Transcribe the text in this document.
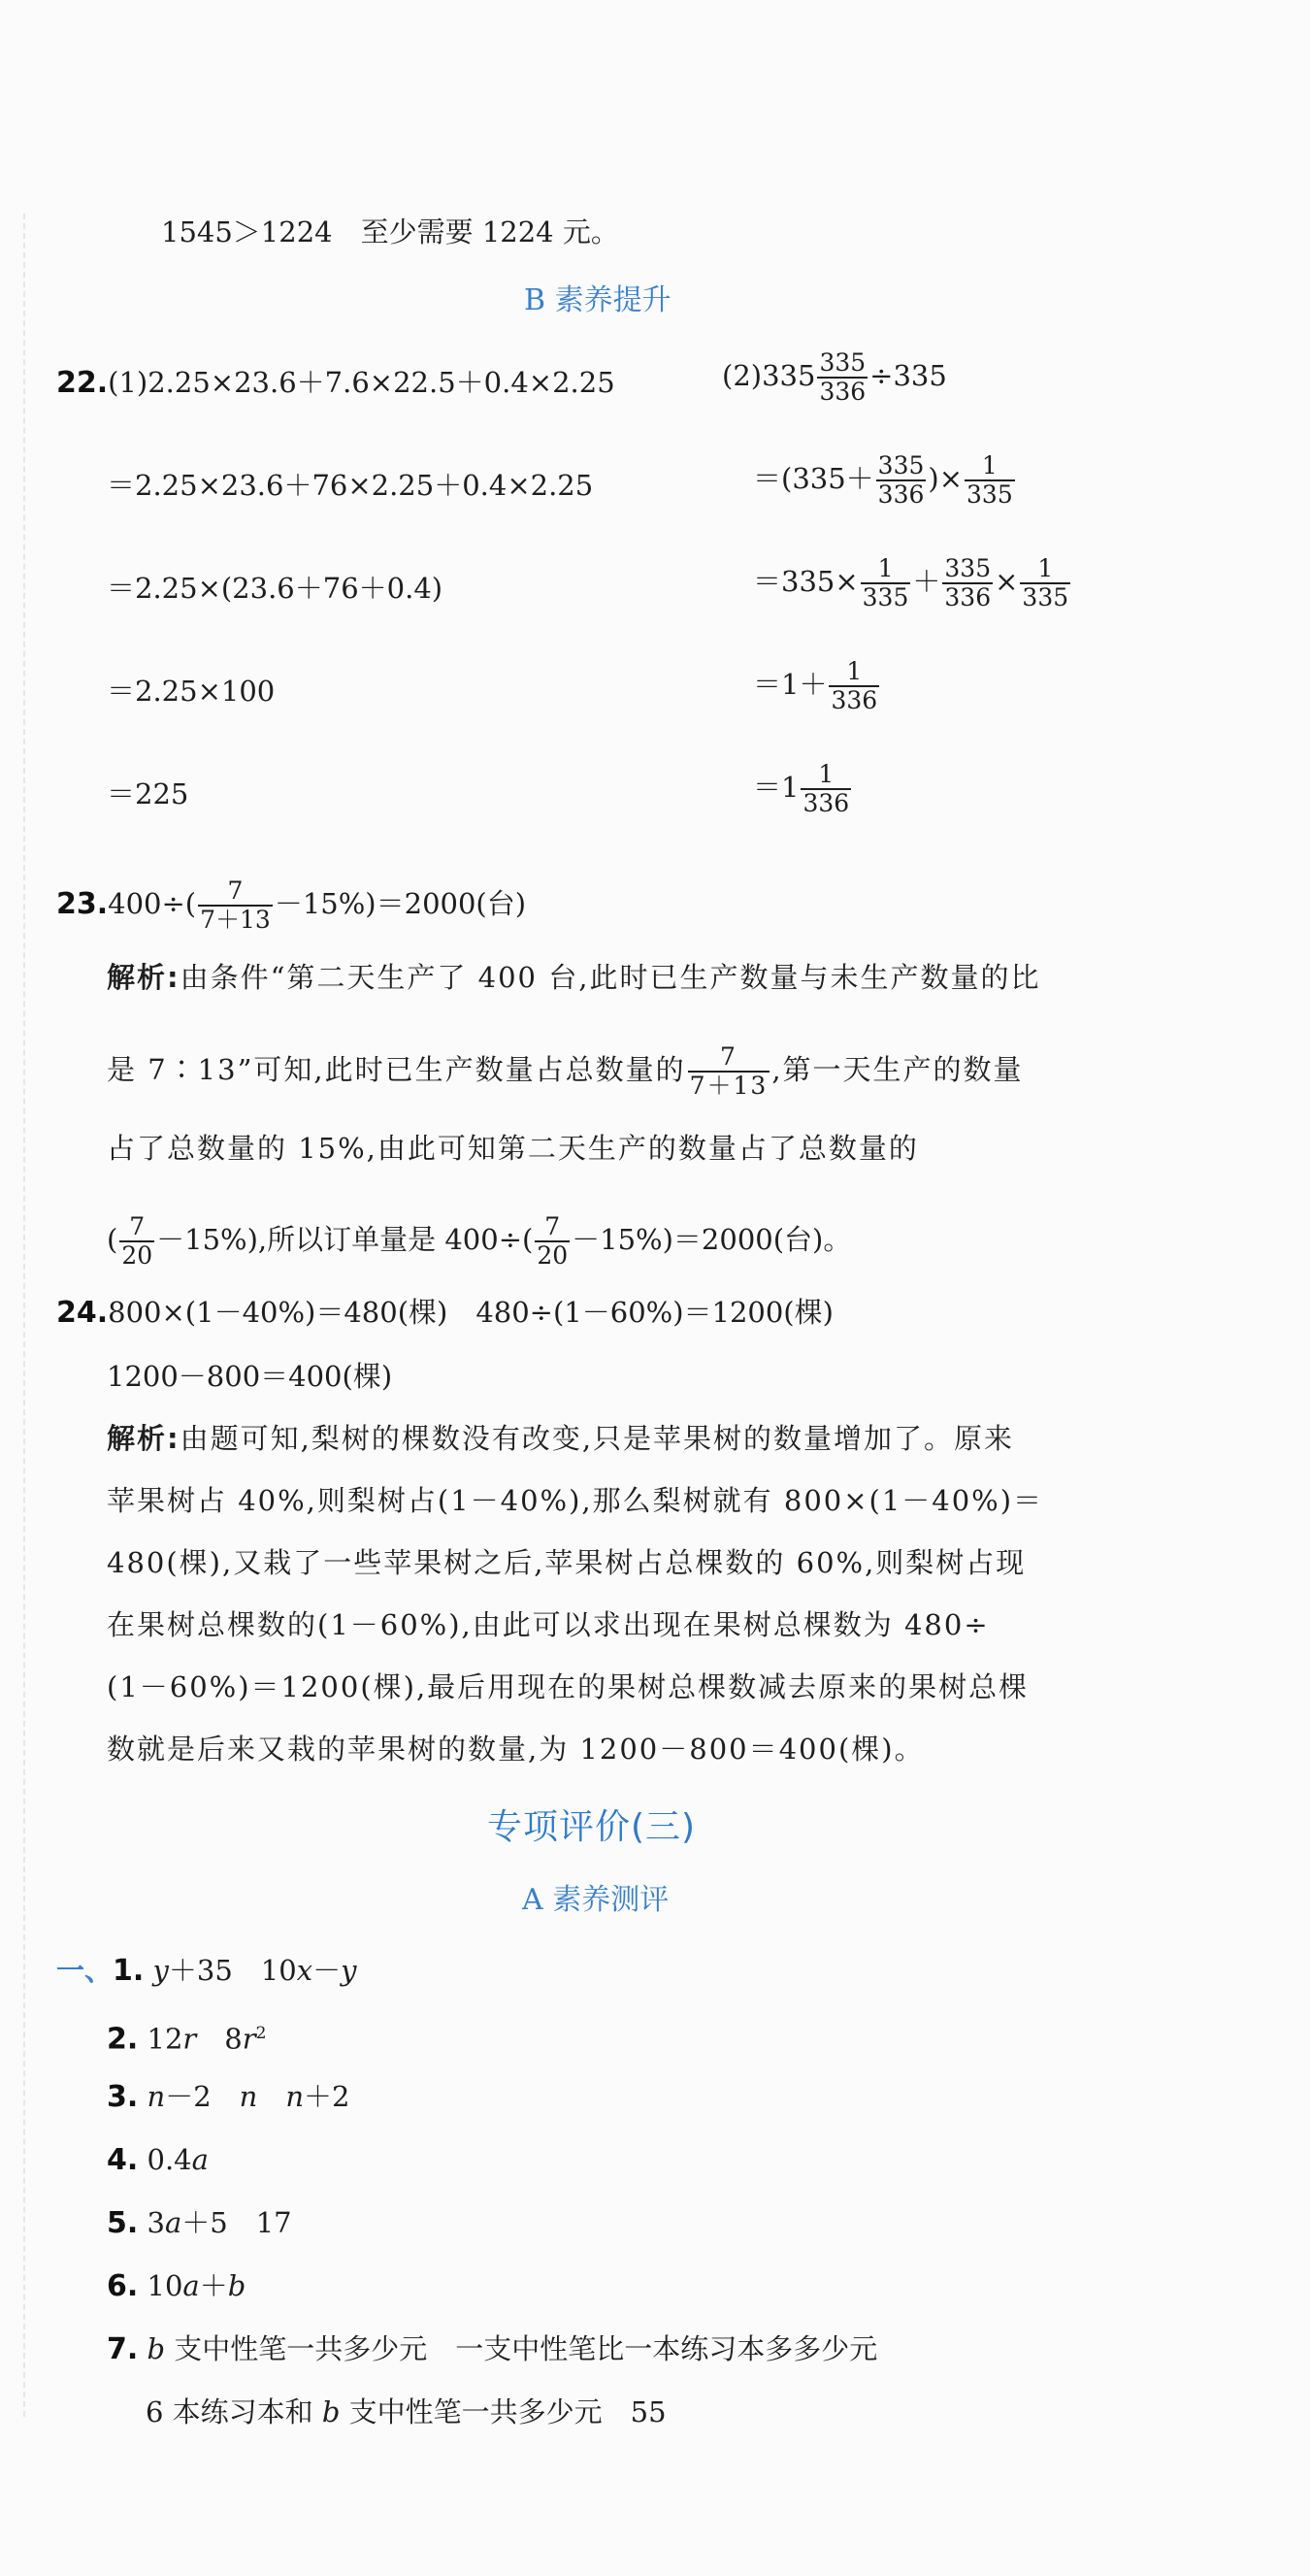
1545＞1224　至少需要 1224 元。
B 素养提升
22.(1)2.25×23.6＋7.6×22.5＋0.4×2.25
＝2.25×23.6＋76×2.25＋0.4×2.25
＝2.25×(23.6＋76＋0.4)
＝2.25×100
＝225
$(2)335 \frac{335}{336} \div 335$
$=(335+ \frac{335}{336}$ )× $\frac{1}{335}$
$=335\times \frac{1}{335} + \frac{335}{336} \times \frac{1}{335}$
$=1+ \frac{1}{336}$
$=1 \frac{1}{336}$
$23.400\div( \frac{7}{7+13} -15\%)=2000$(台)
解析:由条件“第二天生产了 400 台,此时已生产数量与未生产数量的比
是 7∶13”可知,此时已生产数量占总数量的 $\frac{7}{7+13}$ ,第一天生产的数量
占了总数量的 15%,由此可知第二天生产的数量占了总数量的
( $\frac{7}{20} -15\%$),所以订单量是 $400\div( \frac{7}{20} -15\%)=2000$(台)。
24.800×(1－40%)＝480(棵)　480÷(1－60%)＝1200(棵)
1200－800＝400(棵)
解析:由题可知,梨树的棵数没有改变,只是苹果树的数量增加了。原来
苹果树占 40%,则梨树占(1－40%),那么梨树就有 800×(1－40%)＝
480(棵),又栽了一些苹果树之后,苹果树占总棵数的 60%,则梨树占现
在果树总棵数的(1－60%),由此可以求出现在果树总棵数为 480÷
(1－60%)＝1200(棵),最后用现在的果树总棵数减去原来的果树总棵
数就是后来又栽的苹果树的数量,为 1200－800＝400(棵)。
专项评价(三)
A 素养测评
一、1. y＋35　10x－y
2. 12r　$8r^2$
3. n－2　n　 n＋2
4. 0.4a
5. 3a＋5　17
6. 10a＋b
7. b 支中性笔一共多少元　一支中性笔比一本练习本多多少元
6 本练习本和 b 支中性笔一共多少元　55
